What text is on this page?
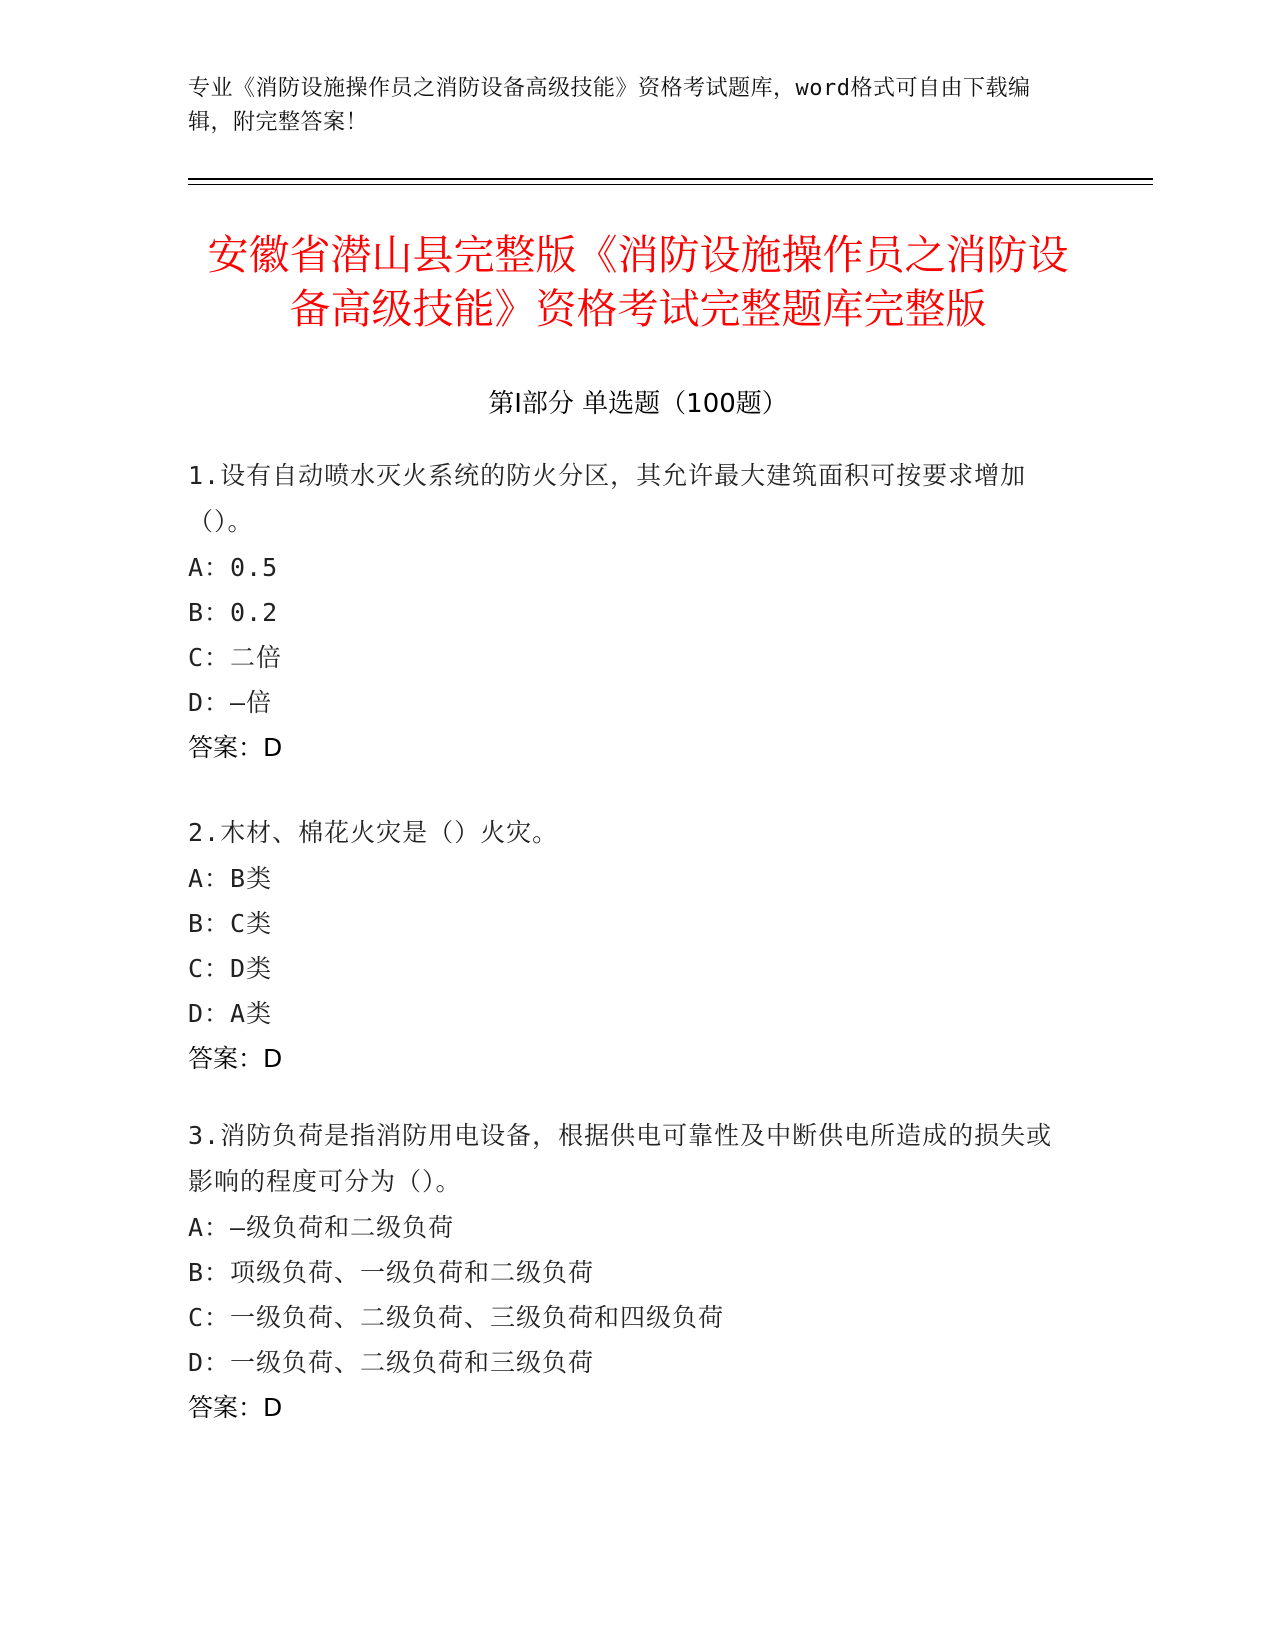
专业《消防设施操作员之消防设备高级技能》资格考试题库，word格式可自由下载编辑，附完整答案！
安徽省潜山县完整版《消防设施操作员之消防设备高级技能》资格考试完整题库完整版
第Ⅰ部分 单选题（100题）
1.设有自动喷水灭火系统的防火分区，其允许最大建筑面积可按要求增加（）。
A：0.5
B：0.2
C：二倍
D：—倍
答案：D
2.木材、棉花火灾是（）火灾。
A：B类
B：C类
C：D类
D：A类
答案：D
3.消防负荷是指消防用电设备，根据供电可靠性及中断供电所造成的损失或影响的程度可分为（）。
A：—级负荷和二级负荷
B：项级负荷、一级负荷和二级负荷
C：一级负荷、二级负荷、三级负荷和四级负荷
D：一级负荷、二级负荷和三级负荷
答案：D
